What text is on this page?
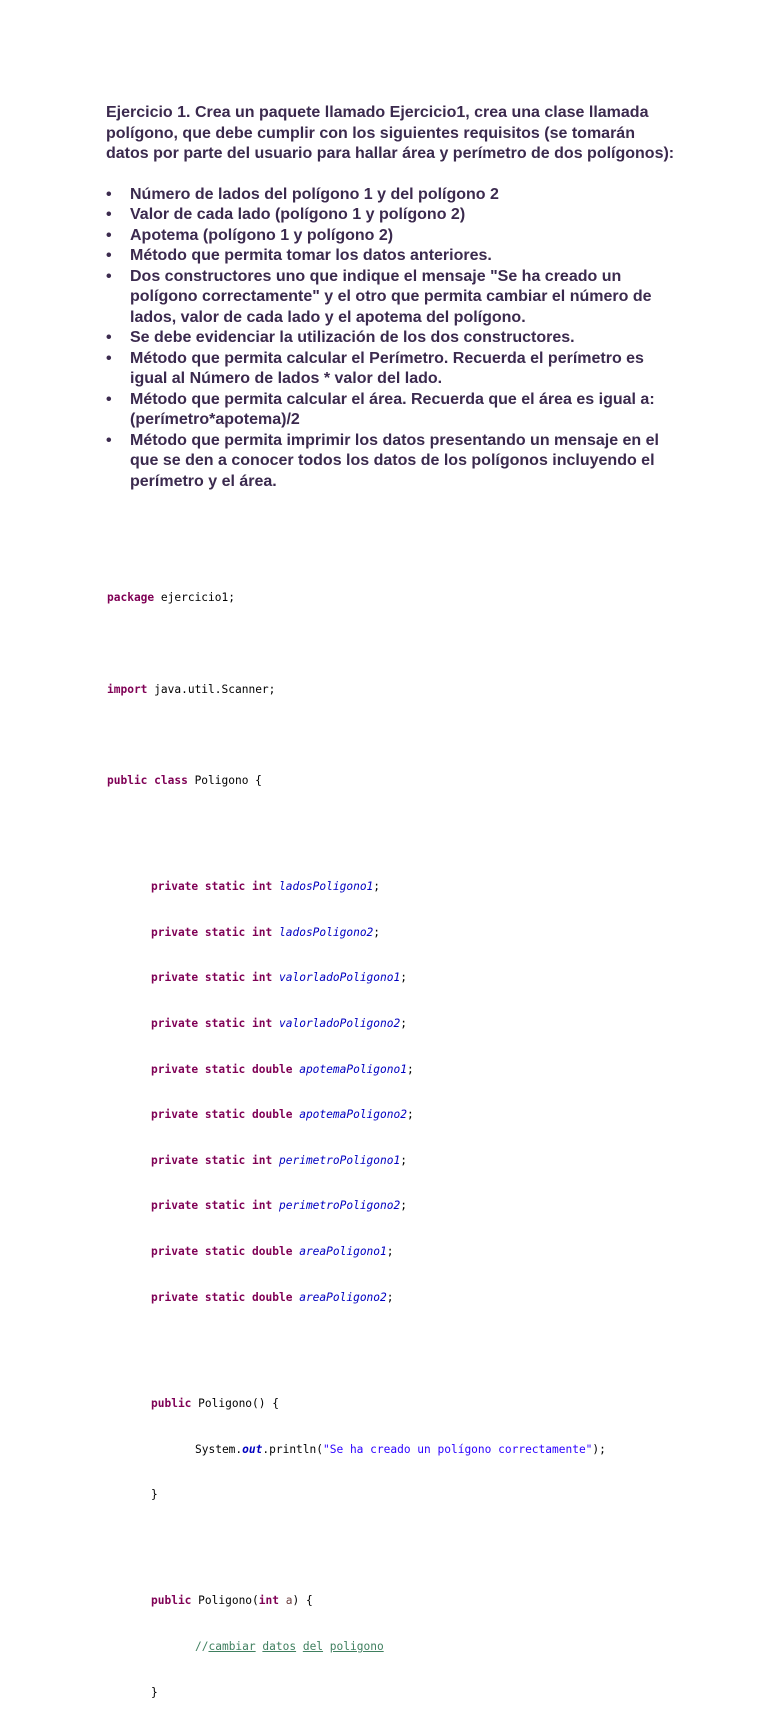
Ejercicio 1. Crea un paquete llamado Ejercicio1, crea una clase llamada polígono, que debe cumplir con los siguientes requisitos (se tomarán datos por parte del usuario para hallar área y perímetro de dos polígonos):

• Número de lados del polígono 1 y del polígono 2
• Valor de cada lado (polígono 1 y polígono 2)
• Apotema (polígono 1 y polígono 2)
• Método que permita tomar los datos anteriores.
• Dos constructores uno que indique el mensaje "Se ha creado un polígono correctamente" y el otro que permita cambiar el número de lados, valor de cada lado y el apotema del polígono.
• Se debe evidenciar la utilización de los dos constructores.
• Método que permita calcular el Perímetro. Recuerda el perímetro es igual al Número de lados * valor del lado.
• Método que permita calcular el área. Recuerda que el área es igual a: (perímetro*apotema)/2
• Método que permita imprimir los datos presentando un mensaje en el que se den a conocer todos los datos de los polígonos incluyendo el perímetro y el área.

package ejercicio1;

import java.util.Scanner;

public class Poligono {

private static int ladosPoligono1;

private static int ladosPoligono2;

private static int valorladoPoligono1;

private static int valorladoPoligono2;

private static double apotemaPoligono1;

private static double apotemaPoligono2;

private static int perimetroPoligono1;

private static int perimetroPoligono2;

private static double areaPoligono1;

private static double areaPoligono2;

public Poligono() {

System.out.println("Se ha creado un polígono correctamente");

}

public Poligono(int a) {

//cambiar datos del poligono

}
